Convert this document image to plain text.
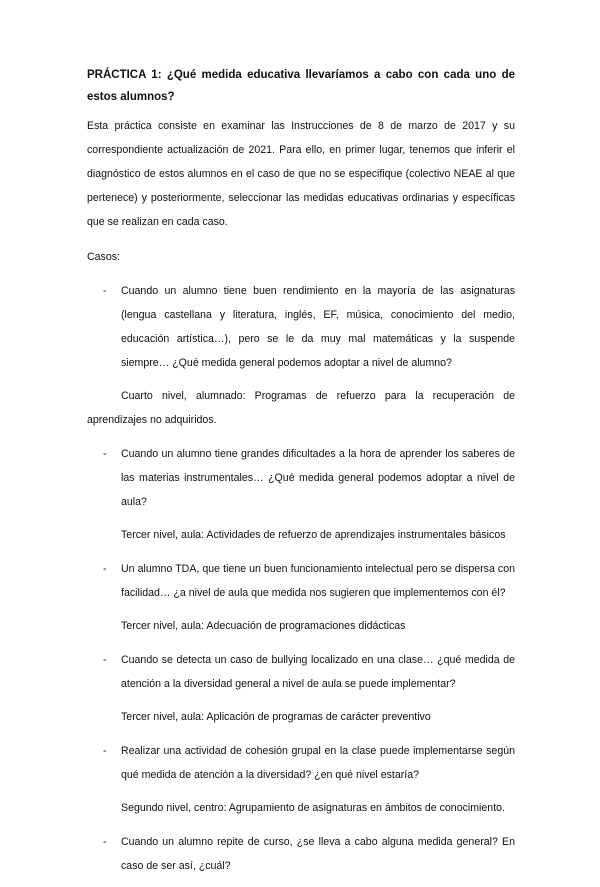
PRÁCTICA 1: ¿Qué medida educativa llevaríamos a cabo con cada uno de estos alumnos?

Esta práctica consiste en examinar las Instrucciones de 8 de marzo de 2017 y su correspondiente actualización de 2021. Para ello, en primer lugar, tenemos que inferir el diagnóstico de estos alumnos en el caso de que no se especifique (colectivo NEAE al que pertenece) y posteriormente, seleccionar las medidas educativas ordinarias y específicas que se realizan en cada caso.

Casos:

- Cuando un alumno tiene buen rendimiento en la mayoría de las asignaturas (lengua castellana y literatura, inglés, EF, música, conocimiento del medio, educación artística…), pero se le da muy mal matemáticas y la suspende siempre… ¿Qué medida general podemos adoptar a nivel de alumno?

Cuarto nivel, alumnado: Programas de refuerzo para la recuperación de aprendizajes no adquiridos.

- Cuando un alumno tiene grandes dificultades a la hora de aprender los saberes de las materias instrumentales… ¿Qué medida general podemos adoptar a nivel de aula?

Tercer nivel, aula: Actividades de refuerzo de aprendizajes instrumentales básicos

- Un alumno TDA, que tiene un buen funcionamiento intelectual pero se dispersa con facilidad… ¿a nivel de aula que medida nos sugieren que implementemos con él?

Tercer nivel, aula: Adecuación de programaciones didácticas

- Cuando se detecta un caso de bullying localizado en una clase… ¿qué medida de atención a la diversidad general a nivel de aula se puede implementar?

Tercer nivel, aula: Aplicación de programas de carácter preventivo

- Realizar una actividad de cohesión grupal en la clase puede implementarse según qué medida de atención a la diversidad? ¿en qué nivel estaría?

Segundo nivel, centro: Agrupamiento de asignaturas en ámbitos de conocimiento.

- Cuando un alumno repite de curso, ¿se lleva a cabo alguna medida general? En caso de ser así, ¿cuál?
